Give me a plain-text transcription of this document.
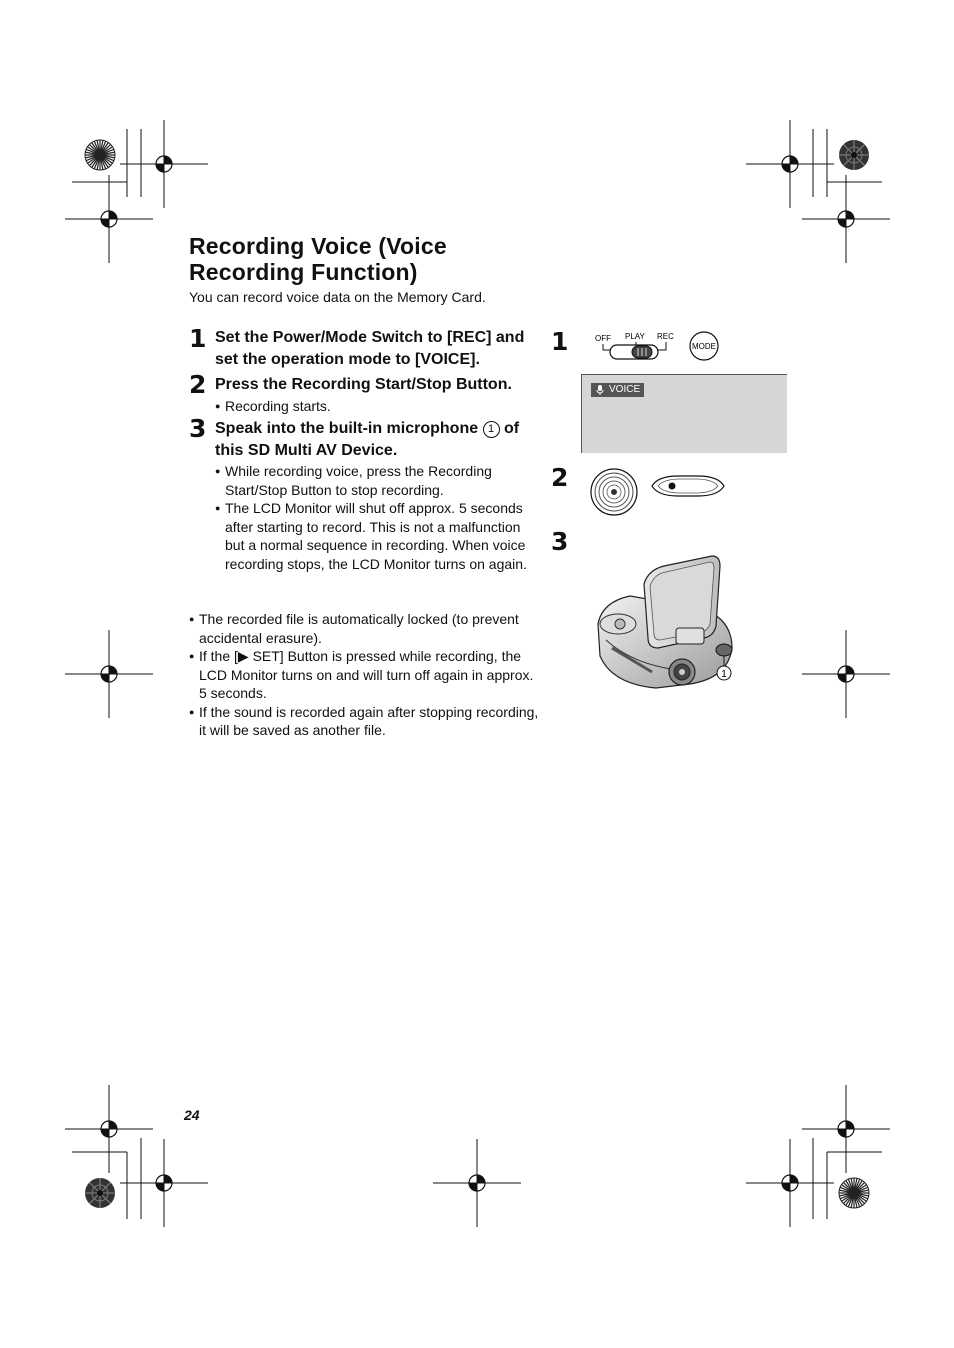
Recording Voice (Voice Recording Function)
You can record voice data on the Memory Card.
1 Set the Power/Mode Switch to [REC] and set the operation mode to [VOICE].
2 Press the Recording Start/Stop Button.
● Recording starts.
3 Speak into the built-in microphone 1 of this SD Multi AV Device.
● While recording voice, press the Recording Start/Stop Button to stop recording.
● The LCD Monitor will shut off approx. 5 seconds after starting to record. This is not a malfunction but a normal sequence in recording. When voice recording stops, the LCD Monitor turns on again.
● The recorded file is automatically locked (to prevent accidental erasure).
● If the [▶ SET] Button is pressed while recording, the LCD Monitor turns on and will turn off again in approx. 5 seconds.
● If the sound is recorded again after stopping recording, it will be saved as another file.
1	OFF PLAY REC
MODE
VOICE
2
3
1
24
